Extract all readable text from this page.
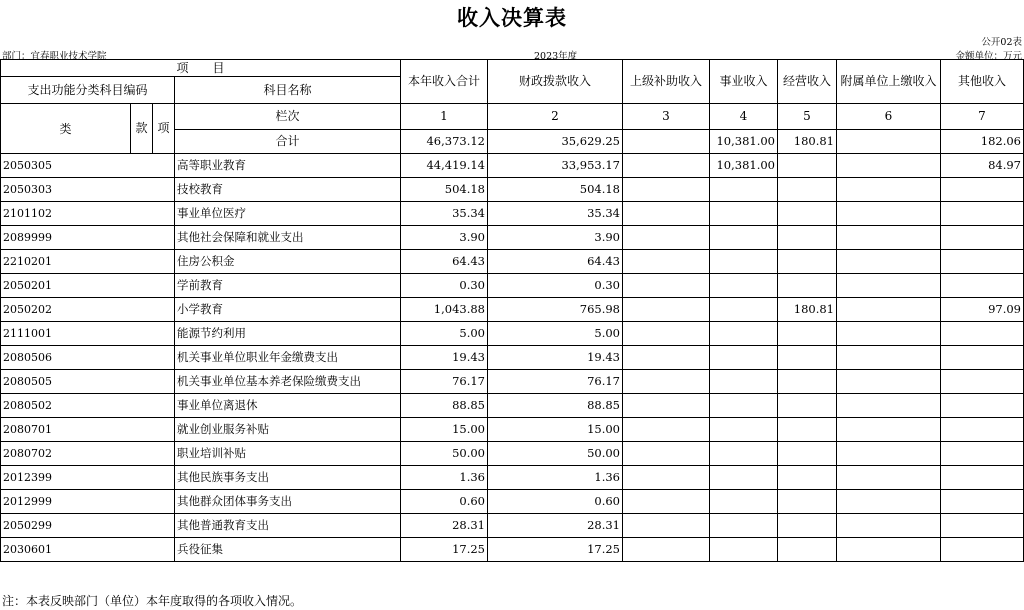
收入决算表
公开02表
部门：宜春职业技术学院	2023年度	金额单位：万元
项　　目				本年收入合计	财政拨款收入	上级补助收入	事业收入	经营收入	附属单位上缴收入	其他收入
支出功能分类科目编码			科目名称							

类	款	项	栏次	1	2	3	4	5	6	7
			合计	46,373.12	35,629.25		10,381.00	180.81		182.06
2050305			高等职业教育	44,419.14	33,953.17		10,381.00			84.97
2050303			技校教育	504.18	504.18					
2101102			事业单位医疗	35.34	35.34					
2089999			其他社会保障和就业支出	3.90	3.90					
2210201			住房公积金	64.43	64.43					
2050201			学前教育	0.30	0.30					
2050202			小学教育	1,043.88	765.98			180.81		97.09
2111001			能源节约利用	5.00	5.00					
2080506			机关事业单位职业年金缴费支出	19.43	19.43					
2080505			机关事业单位基本养老保险缴费支出	76.17	76.17					
2080502			事业单位离退休	88.85	88.85					
2080701			就业创业服务补贴	15.00	15.00					
2080702			职业培训补贴	50.00	50.00					
2012399			其他民族事务支出	1.36	1.36					
2012999			其他群众团体事务支出	0.60	0.60					
2050299			其他普通教育支出	28.31	28.31					
2030601			兵役征集	17.25	17.25					
注：本表反映部门（单位）本年度取得的各项收入情况。
